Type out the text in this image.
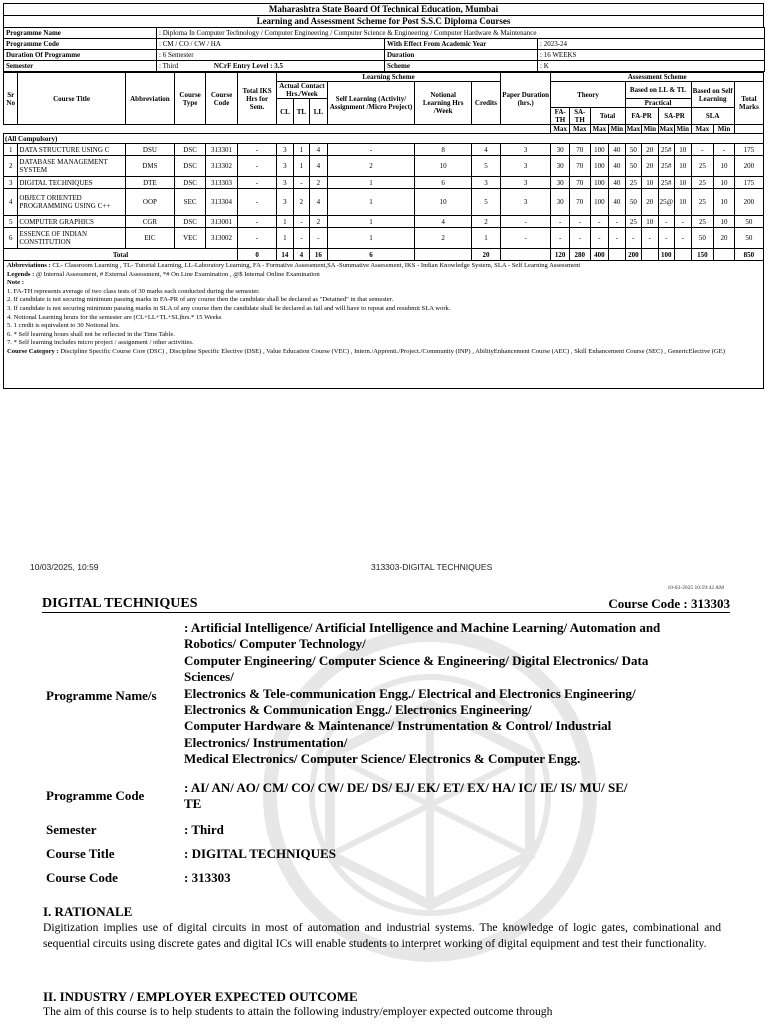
Maharashtra State Board Of Technical Education, Mumbai
Learning and Assessment Scheme for Post S.S.C Diploma Courses
Programme Name	: Diploma In Computer Technology / Computer Engineering / Computer Science & Engineering / Computer Hardware & Maintenance		
Programme Code	: CM / CO / CW / HA	With Effect From Academic Year	: 2023-24
Duration Of Programme	: 6 Semester	Duration	: 16 WEEKS
Semester	: Third NCrF Entry Level : 3.5	Scheme	: K
Sr No	Course Title	Abbreviation	Course Type	Course Code	Total IKS Hrs for Sem.	Learning Scheme						Paper Duration (hrs.)	Assessment Scheme										
						Actual Contact Hrs./Week			Self Learning (Activity/ Assignment /Micro Project)	Notional Learning Hrs /Week	Credits		Theory				Based on LL & TL				Based on Self Learning		Total Marks
						CL	TL	LL									Practical						
													FA-TH	SA-TH	Total		FA-PR		SA-PR		SLA		
													Max	Max	Max	Min	Max	Min	Max	Min	Max	Min	
(All Compulsory)																							
1	DATA STRUCTURE USING C	DSU	DSC	313301	-	3	1	4	-	8	4	3	30	70	100	40	50	20	25#	10	-	-	175
2	DATABASE MANAGEMENT SYSTEM	DMS	DSC	313302	-	3	1	4	2	10	5	3	30	70	100	40	50	20	25#	10	25	10	200
3	DIGITAL TECHNIQUES	DTE	DSC	313303	-	3	-	2	1	6	3	3	30	70	100	40	25	10	25#	10	25	10	175
4	OBJECT ORIENTED PROGRAMMING USING C++	OOP	SEC	313304	-	3	2	4	1	10	5	3	30	70	100	40	50	20	25@	10	25	10	200
5	COMPUTER GRAPHICS	CGR	DSC	313001	-	1	-	2	1	4	2	-	-	-	-	-	25	10	-	-	25	10	50
6	ESSENCE OF INDIAN CONSTITUTION	EIC	VEC	313002	-	1	-	-	1	2	1	-	-	-	-	-	-	-	-	-	50	20	50
Total					0	14	4	16	6		20		120	280	400		200		100		150		850
Abbreviations : CL- Classroom Learning , TL- Tutorial Learning, LL-Laboratory Learning, FA - Formative Assessment,SA -Summative Assessment, IKS - Indian Knowledge System, SLA - Self Learning Assessment
Legends : @ Internal Assessment, # External Assessment, *# On Line Examination , @$ Internal Online Examination
Note :
1. FA-TH represents average of two class tests of 30 marks each conducted during the semester.
2. If candidate is not securing minimum passing marks in FA-PR of any course then the candidate shall be declared as "Detained" in that semester.
3. If candidate is not securing minimum passing marks in SLA of any course then the candidate shall be declared as fail and will have to repeat and resubmit SLA work.
4. Notional Learning hours for the semester are (CL+LL+TL+SL)hrs.* 15 Weeks
5. 1 credit is equivalent to 30 Notional hrs.
6. * Self learning hours shall not be reflected in the Time Table.
7. * Self learning includes micro project / assignment / other activities.
Course Category : Discipline Specific Course Core (DSC) , Discipline Specific Elective (DSE) , Value Education Course (VEC) , Intern./Apprenti./Project./Community (INP) , AbilityEnhancement Course (AEC) , Skill Enhancement Course (SEC) , GenericElective (GE)
10/03/2025, 10:59	313303-DIGITAL TECHNIQUES
10-03-2025 10:59:42 AM
DIGITAL TECHNIQUES	Course Code : 313303
Programme Name/s
: Artificial Intelligence/ Artificial Intelligence and Machine Learning/ Automation and
Robotics/ Computer Technology/
Computer Engineering/ Computer Science & Engineering/ Digital Electronics/ Data
Sciences/
Electronics & Tele-communication Engg./ Electrical and Electronics Engineering/
Electronics & Communication Engg./ Electronics Engineering/
Computer Hardware & Maintenance/ Instrumentation & Control/ Industrial
Electronics/ Instrumentation/
Medical Electronics/ Computer Science/ Electronics & Computer Engg.
Programme Code
: AI/ AN/ AO/ CM/ CO/ CW/ DE/ DS/ EJ/ EK/ ET/ EX/ HA/ IC/ IE/ IS/ MU/ SE/
TE
Semester	: Third
Course Title	: DIGITAL TECHNIQUES
Course Code	: 313303
I. RATIONALE
Digitization implies use of digital circuits in most of automation and industrial systems. The knowledge of logic gates, combinational and sequential circuits using discrete gates and digital ICs will enable students to interpret working of digital equipment and test their functionality.
II. INDUSTRY / EMPLOYER EXPECTED OUTCOME
The aim of this course is to help students to attain the following industry/employer expected outcome through
